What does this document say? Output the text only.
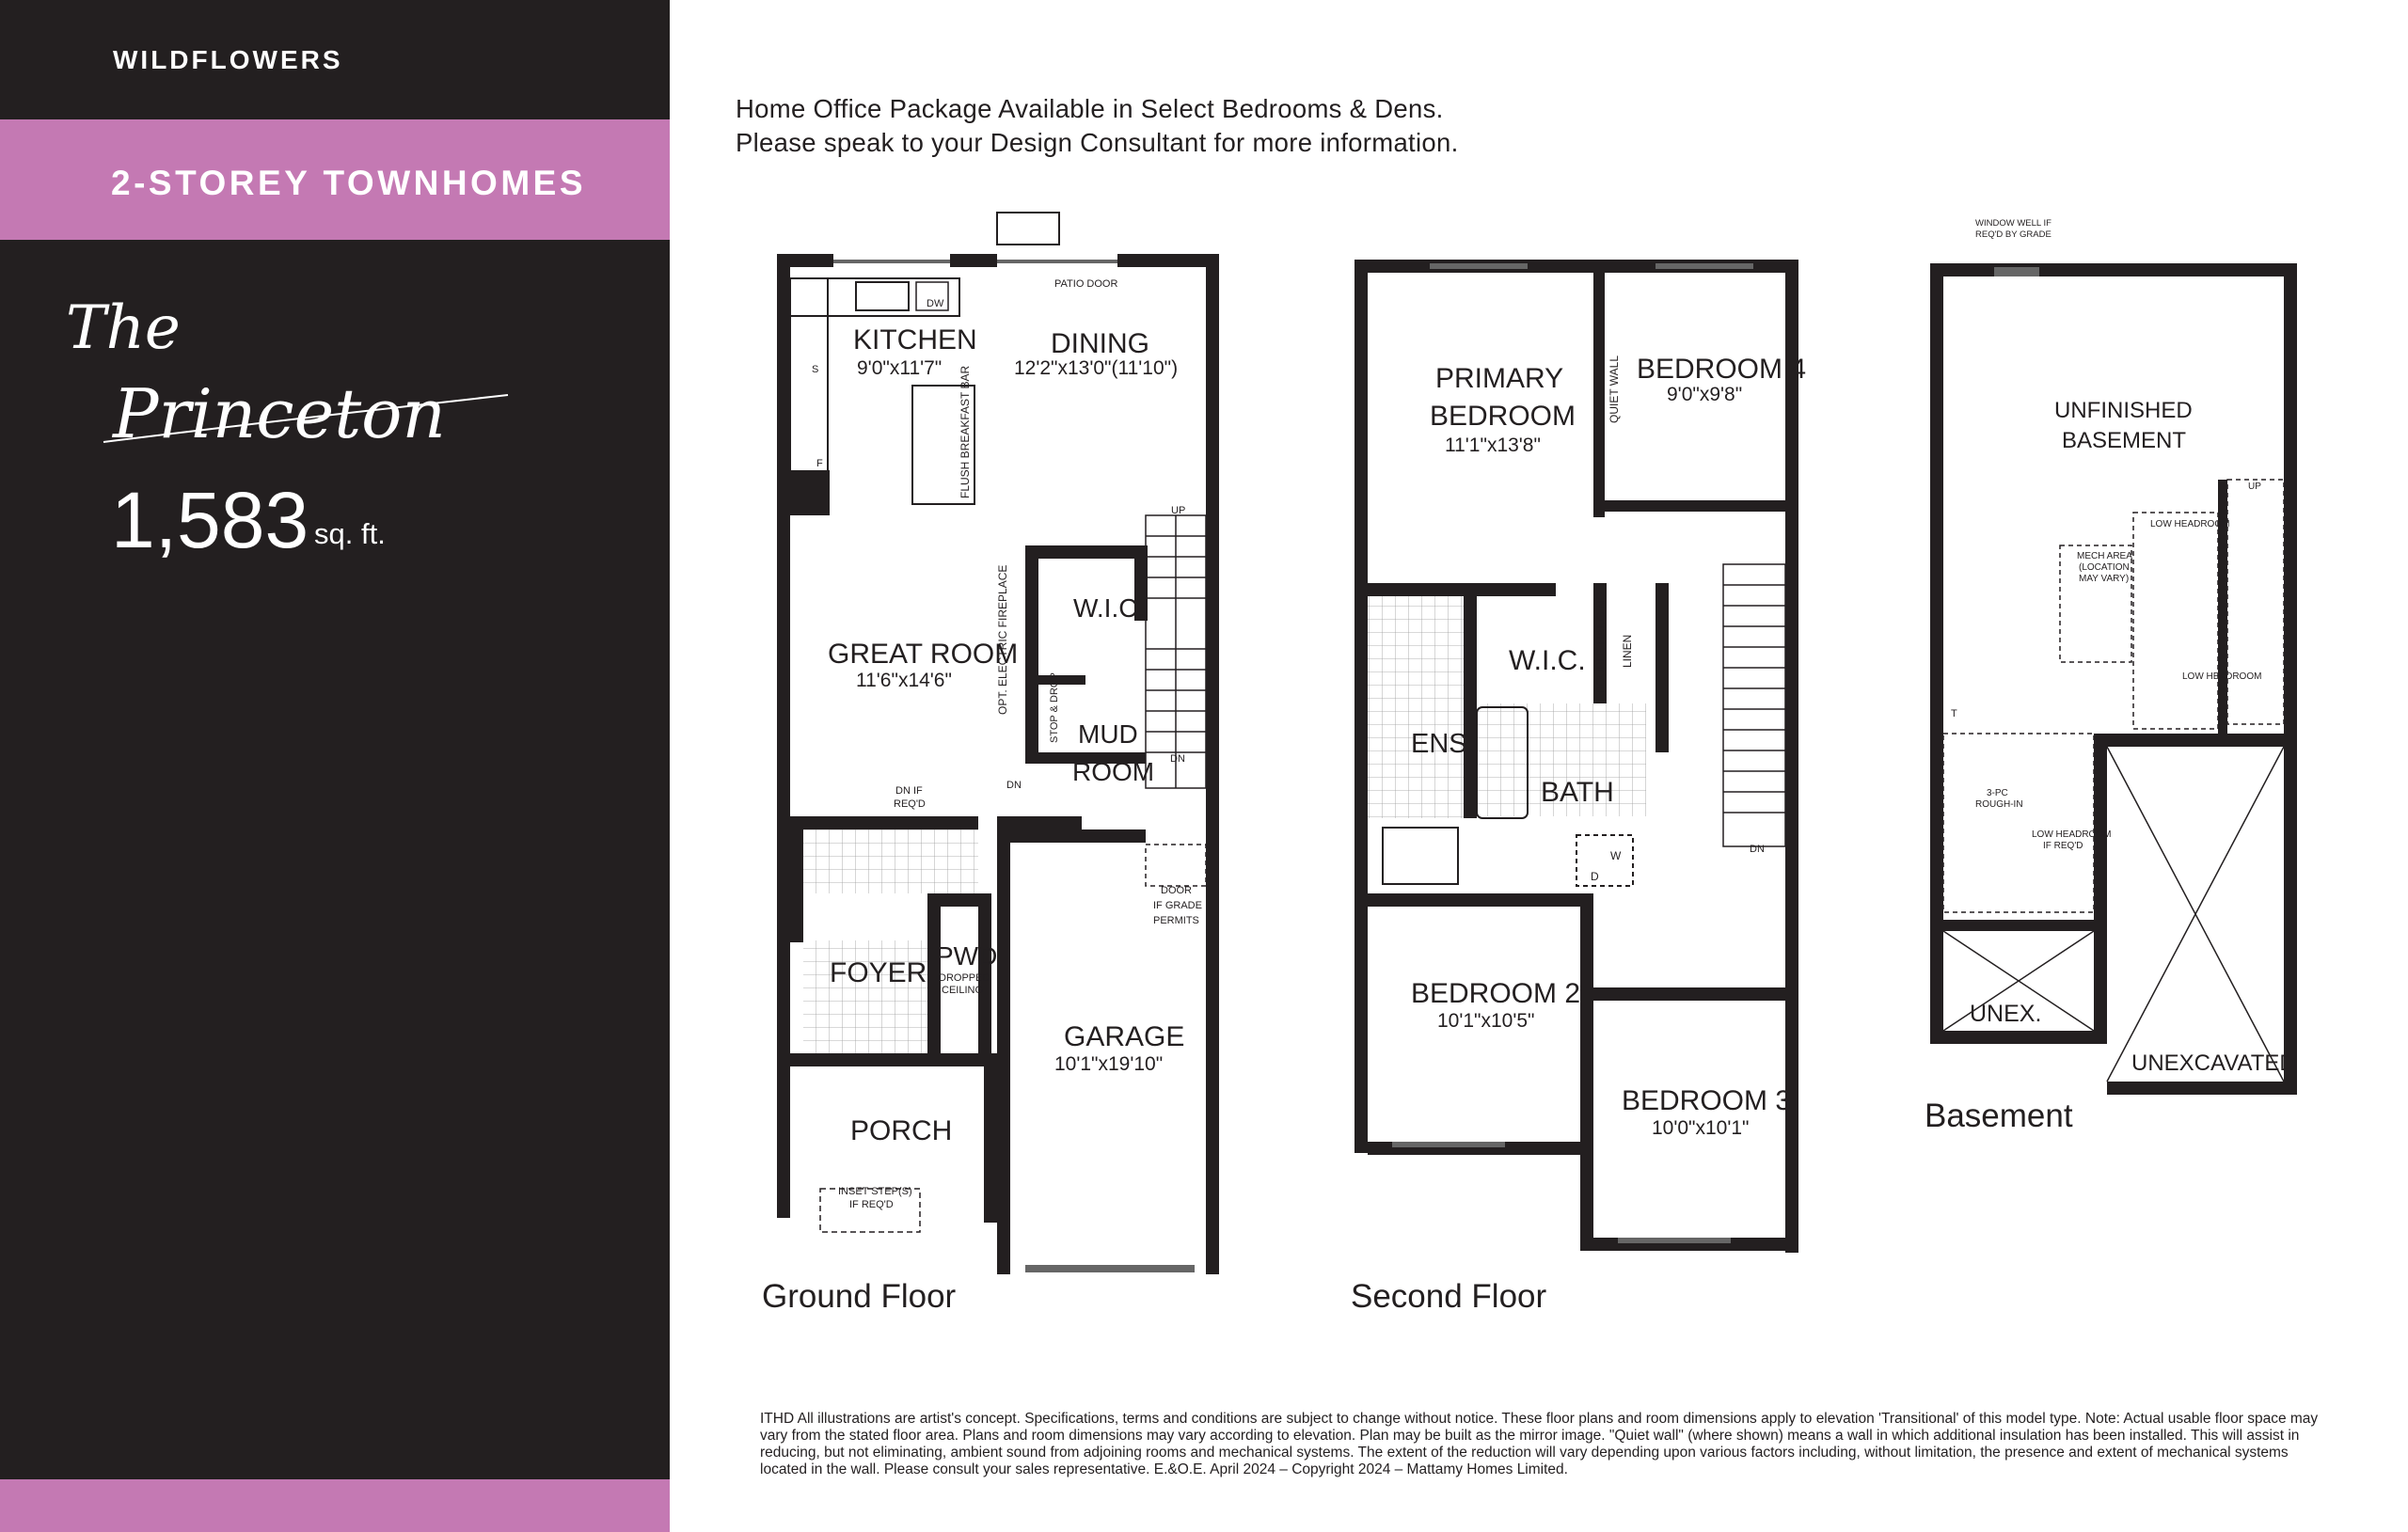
WILDFLOWERS
2-STOREY TOWNHOMES
The
Princeton
1,583 sq. ft.
Home Office Package Available in Select Bedrooms & Dens.
Please speak to your Design Consultant for more information.
KITCHEN
9'0"x11'7"
DINING
12'2"x13'0"(11'10")
PATIO DOOR
DW
S
F	FLUSH BREAKFAST BAR
GREAT ROOM
11'6"x14'6"	OPT. ELECTRIC FIREPLACE W.I.C.
MUD
ROOM
STOP & DROP
UP
DN
DN IF
REQ'D
DN
DOOR
IF GRADE
PERMITS
FOYER
PWD
DROPPED
CEILING
GARAGE
10'1"x19'10"
PORCH
INSET STEP(S)
IF REQ'D
Ground Floor
PRIMARY
BEDROOM
11'1"x13'8"
BEDROOM 4
9'0"x9'8"
QUIET WALL
W.I.C. DOUBLE HANGING LINEN
ENS.
BATH
W
D
DN
BEDROOM 2
10'1"x10'5"
BEDROOM 3
10'0"x10'1"
Second Floor
WINDOW WELL IF
REQ'D BY GRADE
UNFINISHED
BASEMENT
UP
LOW HEADROOM
MECH AREA
(LOCATION
MAY VARY)
LOW HEADROOM
T
3-PC
ROUGH-IN
LOW HEADROOM
IF REQ'D
UNEX.
UNEXCAVATED
Basement
ITHD All illustrations are artist's concept. Specifications, terms and conditions are subject to change without notice. These floor plans and room dimensions apply to elevation 'Transitional' of this model type. Note: Actual usable floor space may vary from the stated floor area. Plans and room dimensions may vary according to elevation. Plan may be built as the mirror image. "Quiet wall" (where shown) means a wall in which additional insulation has been installed. This will assist in reducing, but not eliminating, ambient sound from adjoining rooms and mechanical systems. The extent of the reduction will vary depending upon various factors including, without limitation, the presence and extent of mechanical systems located in the wall. Please consult your sales representative. E.&O.E. April 2024 – Copyright 2024 – Mattamy Homes Limited.
